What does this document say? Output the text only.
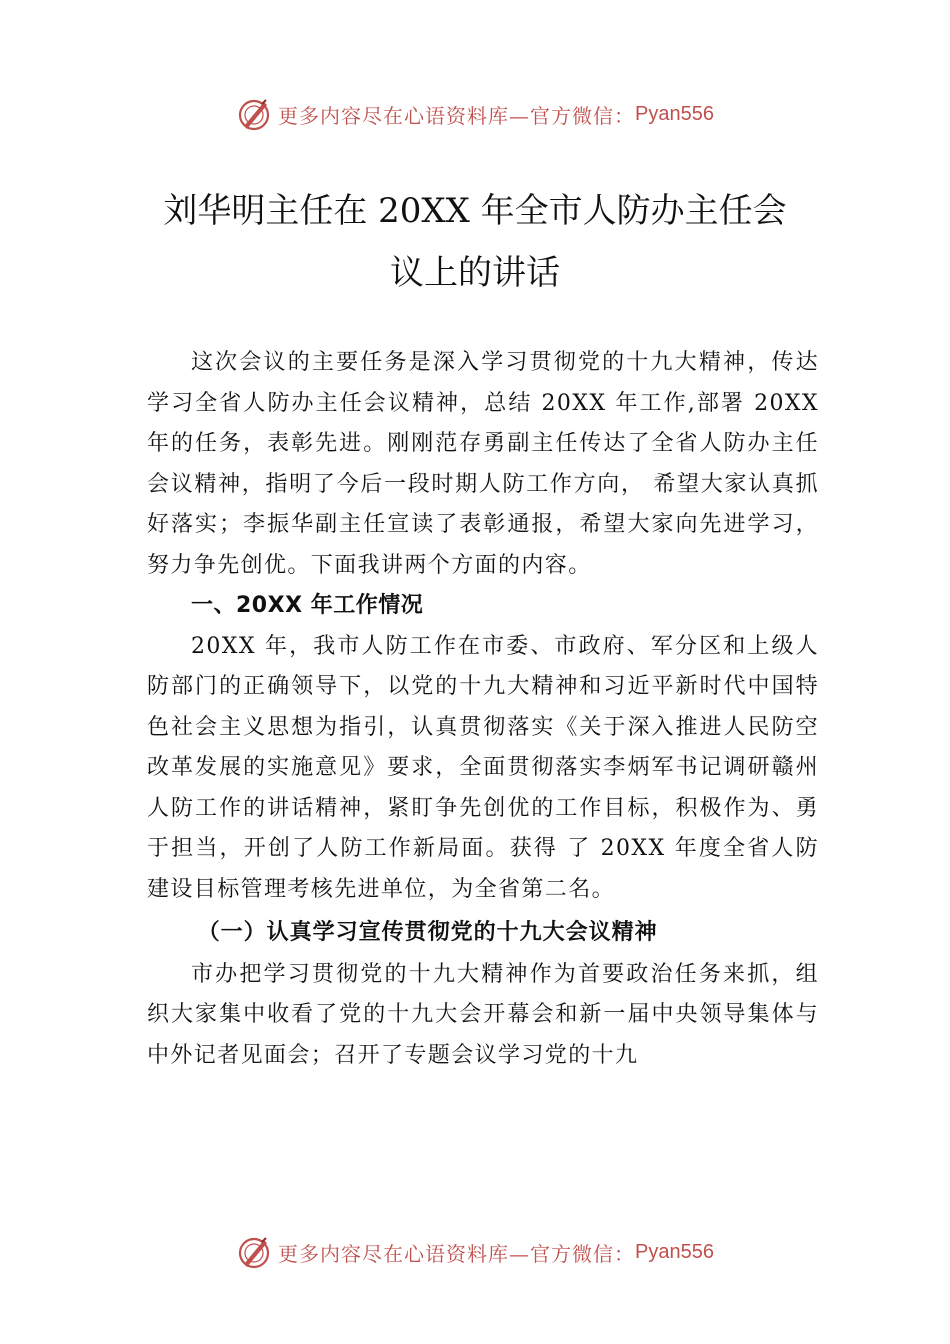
更多内容尽在心语资料库—官方微信： Pyan556
刘华明主任在 20XX 年全市人防办主任会
议上的讲话

这次会议的主要任务是深入学习贯彻党的十九大精神，传达学习全省人防办主任会议精神，总结 20XX 年工作,部署 20XX 年的任务，表彰先进。刚刚范存勇副主任传达了全省人防办主任会议精神，指明了今后一段时期人防工作方向， 希望大家认真抓好落实；李振华副主任宣读了表彰通报，希望大家向先进学习，努力争先创优。下面我讲两个方面的内容。

一、20XX 年工作情况

20XX 年，我市人防工作在市委、市政府、军分区和上级人防部门的正确领导下，以党的十九大精神和习近平新时代中国特色社会主义思想为指引，认真贯彻落实《关于深入推进人民防空改革发展的实施意见》要求，全面贯彻落实李炳军书记调研赣州人防工作的讲话精神，紧盯争先创优的工作目标，积极作为、勇于担当，开创了人防工作新局面。获得 了 20XX 年度全省人防建设目标管理考核先进单位，为全省第二名。

（一）认真学习宣传贯彻党的十九大会议精神

市办把学习贯彻党的十九大精神作为首要政治任务来抓，组织大家集中收看了党的十九大会开幕会和新一届中央领导集体与中外记者见面会；召开了专题会议学习党的十九

更多内容尽在心语资料库—官方微信： Pyan556
